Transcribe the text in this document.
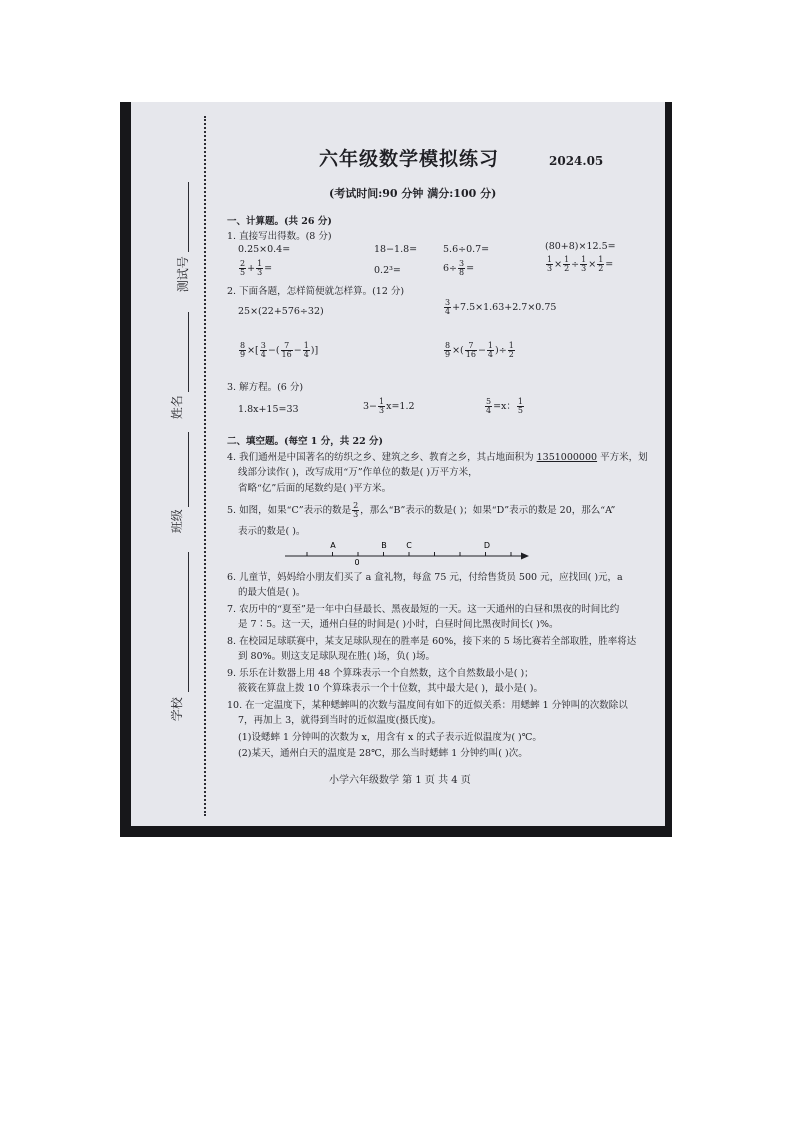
测试号
姓名
班级
学校
六年级数学模拟练习	2024.05
(考试时间:90 分钟 满分:100 分)
一、计算题。(共 26 分)
1. 直接写出得数。(8 分)
0.25×0.4=	18−1.8=	5.6÷0.7=	(80+8)×12.5=
$\frac{2}{5} + \frac{1}{3}$ =	0.2³=	$6\div \frac{3}{8}$ =	$\frac{1}{3} \times \frac{1}{2} \div \frac{1}{3} \times \frac{1}{2}$ =
2. 下面各题，怎样简便就怎样算。(12 分)
25×(22+576÷32)	$\frac{3}{4} +7.5\times 1.63+2.7\times 0.75$
$\frac{8}{9}$ ×[ $\frac{3}{4}$ −( $\frac{7}{16} - \frac{1}{4}$ )]	$\frac{8}{9}$ ×( $\frac{7}{16} - \frac{1}{4}$ )÷ $\frac{1}{2}$
3. 解方程。(6 分)
1.8x+15=33	$3- \frac{1}{3} x=1.2$	$\frac{5}{4} =x$： $\frac{1}{5}$
二、填空题。(每空 1 分，共 22 分)
4. 我们通州是中国著名的纺织之乡、建筑之乡、教育之乡，其占地面积为 1351000000 平方米，划
线部分读作( )，改写成用“万”作单位的数是( )万平方米，
省略“亿”后面的尾数约是( )平方米。
5. 如图，如果“C”表示的数是 $\frac{2}{3}$ ，那么“B”表示的数是( )；如果“D”表示的数是 20，那么“A”
表示的数是( )。
A
0
B C	D
6. 儿童节，妈妈给小朋友们买了 a 盒礼物，每盒 75 元，付给售货员 500 元，应找回( )元，a
的最大值是( )。
7. 农历中的“夏至”是一年中白昼最长、黑夜最短的一天。这一天通州的白昼和黑夜的时间比约
是 7∶5。这一天，通州白昼的时间是( )小时，白昼时间比黑夜时间长( )%。
8. 在校园足球联赛中，某支足球队现在的胜率是 60%，接下来的 5 场比赛若全部取胜，胜率将达
到 80%。则这支足球队现在胜( )场，负( )场。
9. 乐乐在计数器上用 48 个算珠表示一个自然数，这个自然数最小是( )；
筱筱在算盘上拨 10 个算珠表示一个十位数，其中最大是( )，最小是( )。
10. 在一定温度下，某种蟋蟀叫的次数与温度间有如下的近似关系：用蟋蟀 1 分钟叫的次数除以
7，再加上 3，就得到当时的近似温度(摄氏度)。
(1)设蟋蟀 1 分钟叫的次数为 x，用含有 x 的式子表示近似温度为( )℃。
(2)某天，通州白天的温度是 28℃，那么当时蟋蟀 1 分钟约叫( )次。
小学六年级数学 第 1 页 共 4 页
